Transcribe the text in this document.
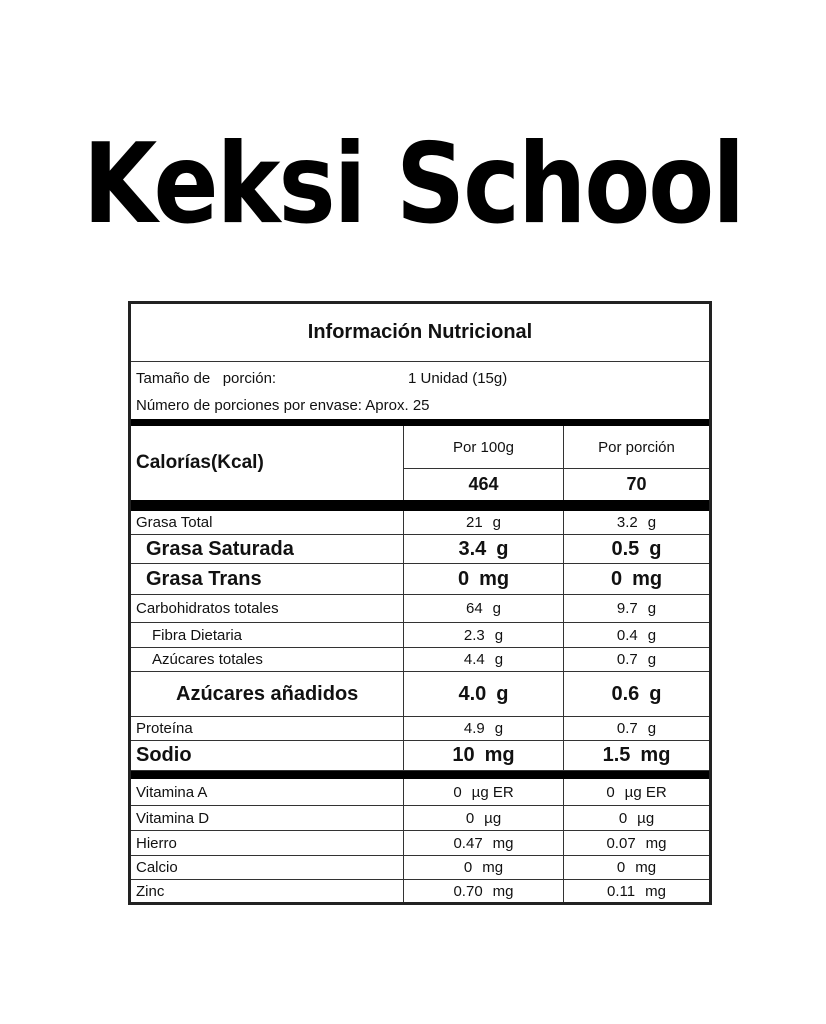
Keksi School
Información Nutricional
Tamaño de   porción:	1 Unidad (15g)
Número de porciones por envase: Aprox. 25
Calorías(Kcal)
Por 100g	Por porción
464	70
Grasa Total	21 g	3.2 g
Grasa Saturada	3.4 g	0.5 g
Grasa Trans	0 mg	0 mg
Carbohidratos totales	64 g	9.7 g
Fibra Dietaria	2.3 g	0.4 g
Azúcares totales	4.4 g	0.7 g
Azúcares añadidos	4.0 g	0.6 g
Proteína	4.9 g	0.7 g
Sodio	10 mg	1.5 mg
Vitamina A	0 µg ER	0 µg ER
Vitamina D	0 µg	0 µg
Hierro	0.47 mg	0.07 mg
Calcio	0 mg	0 mg
Zinc	0.70 mg	0.11 mg
